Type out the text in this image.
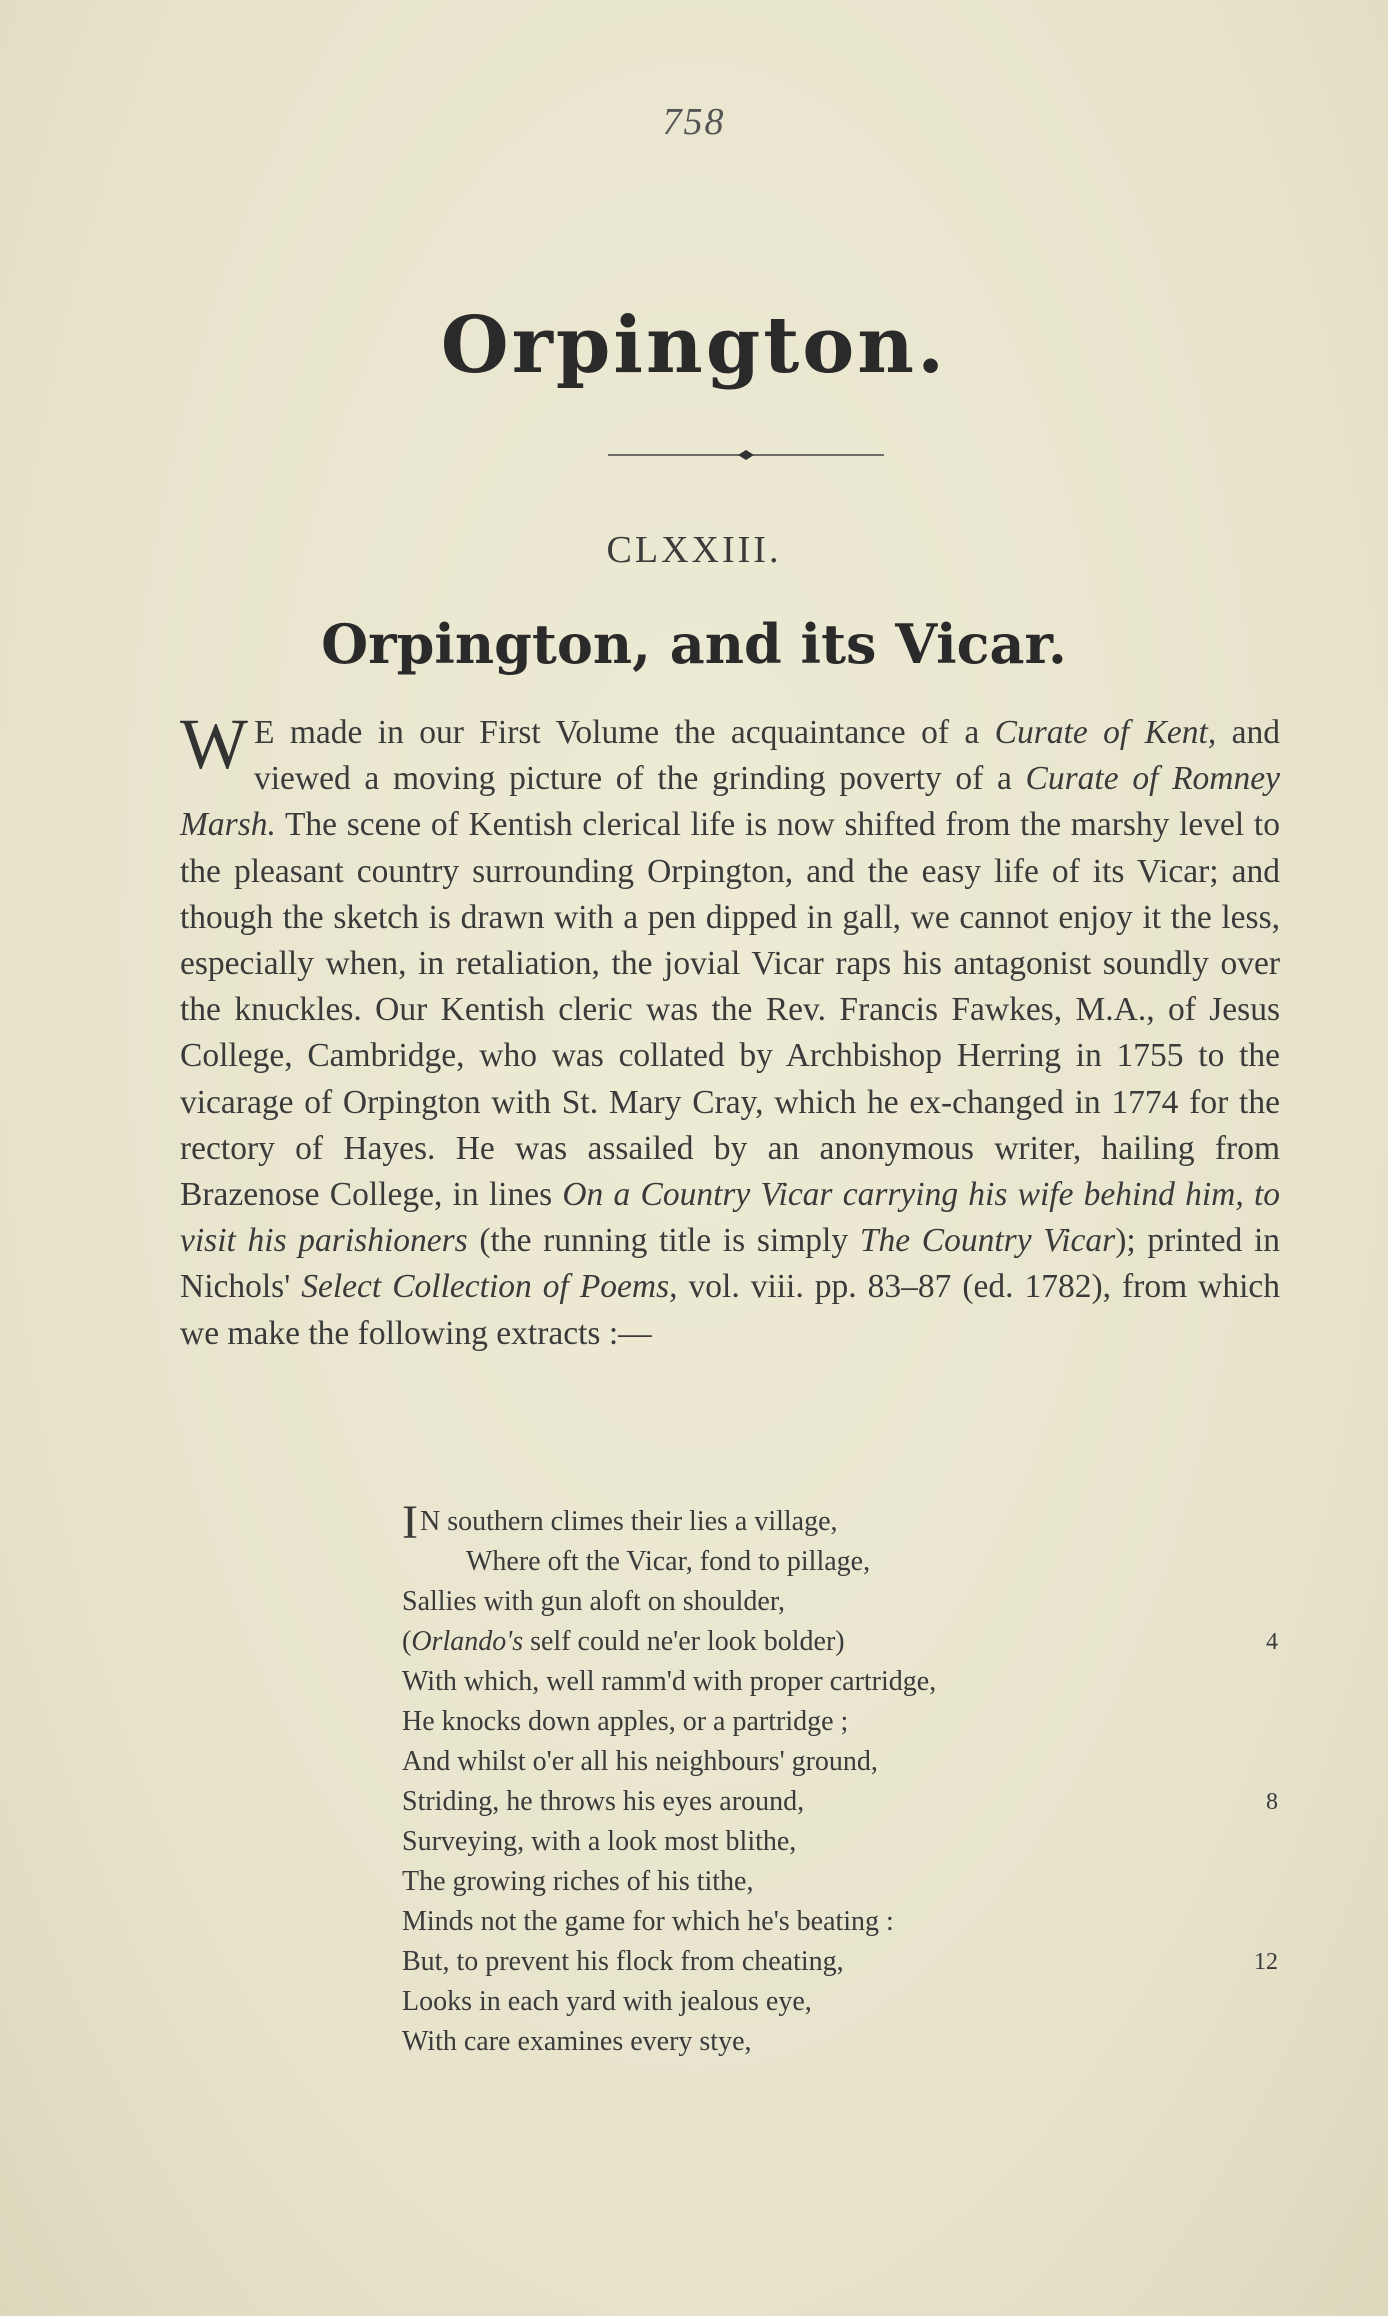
758
Orpington.
CLXXIII.
Orpington, and its Vicar.

W E made in our First Volume the acquaintance of a Curate of Kent, and viewed a moving picture of the grinding poverty of a Curate of Romney Marsh. The scene of Kentish clerical life is now shifted from the marshy level to the pleasant country surrounding Orpington, and the easy life of its Vicar; and though the sketch is drawn with a pen dipped in gall, we cannot enjoy it the less, especially when, in retaliation, the jovial Vicar raps his antagonist soundly over the knuckles. Our Kentish cleric was the Rev. Francis Fawkes, M.A., of Jesus College, Cambridge, who was collated by Archbishop Herring in 1755 to the vicarage of Orpington with St. Mary Cray, which he ex-changed in 1774 for the rectory of Hayes. He was assailed by an anonymous writer, hailing from Brazenose College, in lines On a Country Vicar carrying his wife behind him, to visit his parishioners (the running title is simply The Country Vicar); printed in Nichols' Select Collection of Poems, vol. viii. pp. 83–87 (ed. 1782), from which we make the following extracts :—

IN southern climes their lies a village,
Where oft the Vicar, fond to pillage,
Sallies with gun aloft on shoulder,
(Orlando's self could ne'er look bolder)	4
With which, well ramm'd with proper cartridge,
He knocks down apples, or a partridge ;
And whilst o'er all his neighbours' ground,
Striding, he throws his eyes around,	8
Surveying, with a look most blithe,
The growing riches of his tithe,
Minds not the game for which he's beating :
But, to prevent his flock from cheating,	12
Looks in each yard with jealous eye,
With care examines every stye,
